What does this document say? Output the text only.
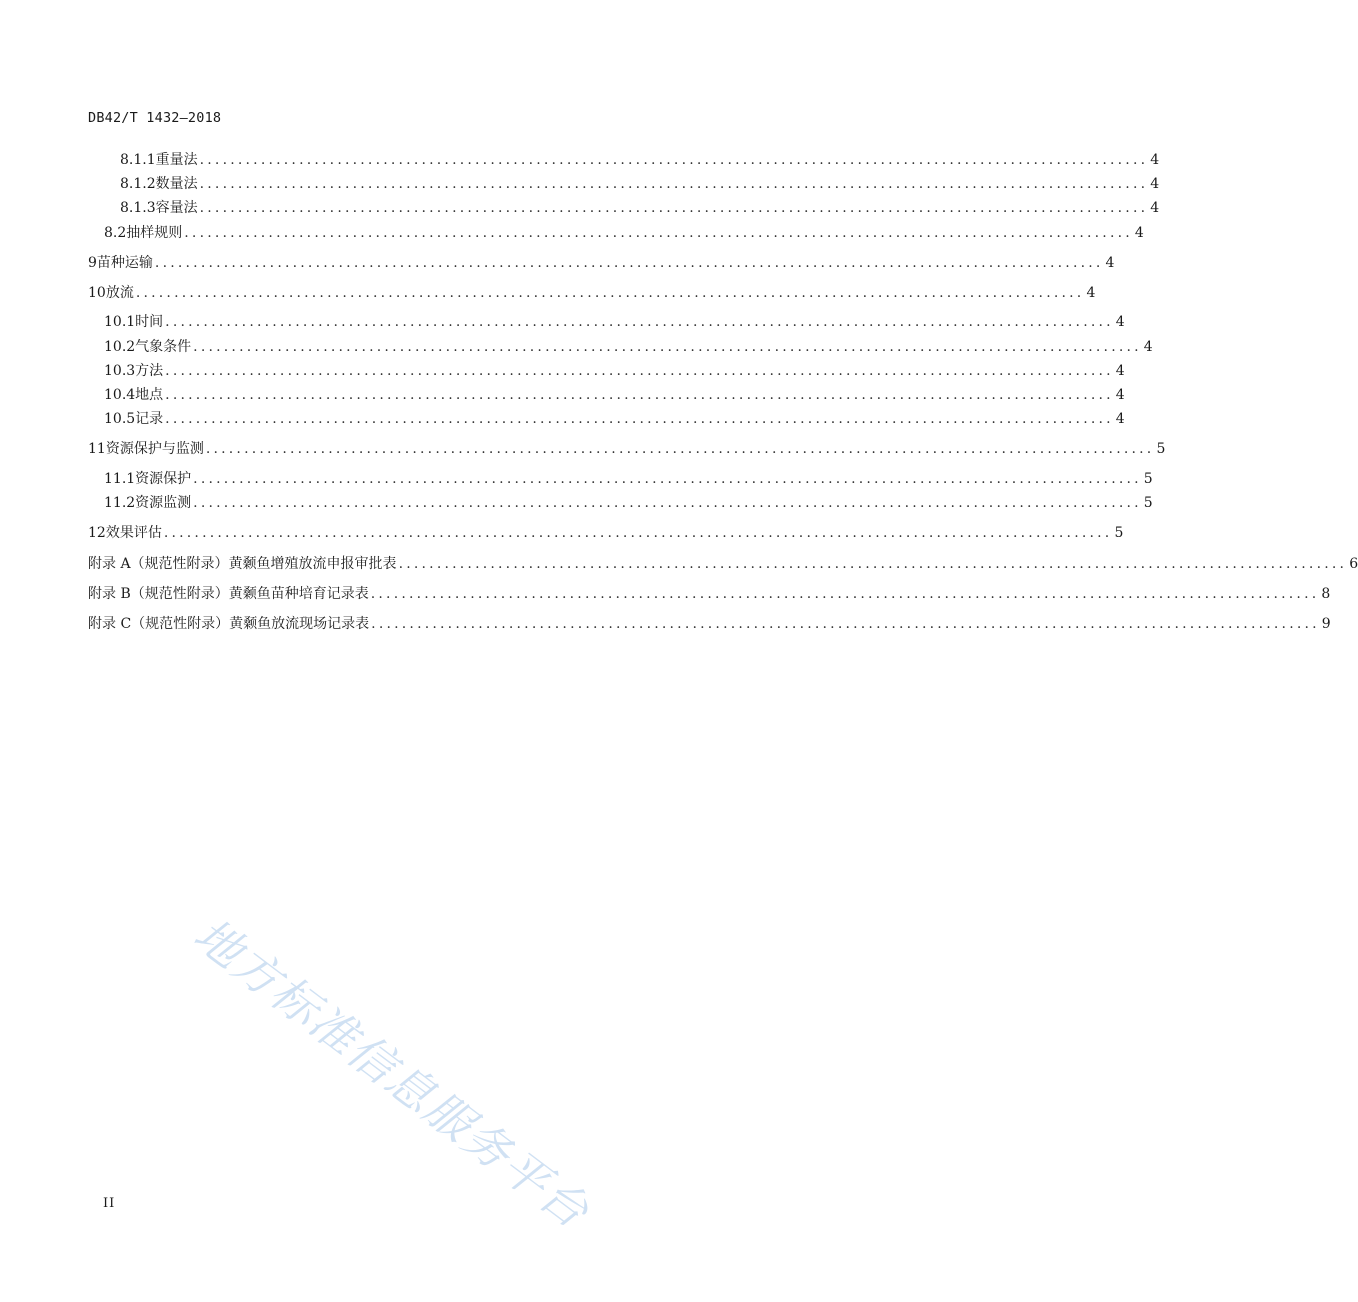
DB42/T 1432—2018
8.1.1 重量法 ............................................................................................................................ 4
8.1.2 数量法 ............................................................................................................................ 4
8.1.3 容量法 ............................................................................................................................ 4
8.2 抽样规则 ............................................................................................................................ 4
9 苗种运输 ............................................................................................................................ 4
10 放流 ............................................................................................................................ 4
10.1 时间 ............................................................................................................................ 4
10.2 气象条件 ............................................................................................................................ 4
10.3 方法 ............................................................................................................................ 4
10.4 地点 ............................................................................................................................ 4
10.5 记录 ............................................................................................................................ 4
11 资源保护与监测 ............................................................................................................................ 5
11.1 资源保护 ............................................................................................................................ 5
11.2 资源监测 ............................................................................................................................ 5
12 效果评估 ............................................................................................................................ 5
附录 A（规范性附录） 黄颡鱼增殖放流申报审批表 ............................................................................................................................ 6
附录 B（规范性附录） 黄颡鱼苗种培育记录表 ............................................................................................................................ 8
附录 C（规范性附录） 黄颡鱼放流现场记录表 ............................................................................................................................ 9
地方标准信息服务平台
II
